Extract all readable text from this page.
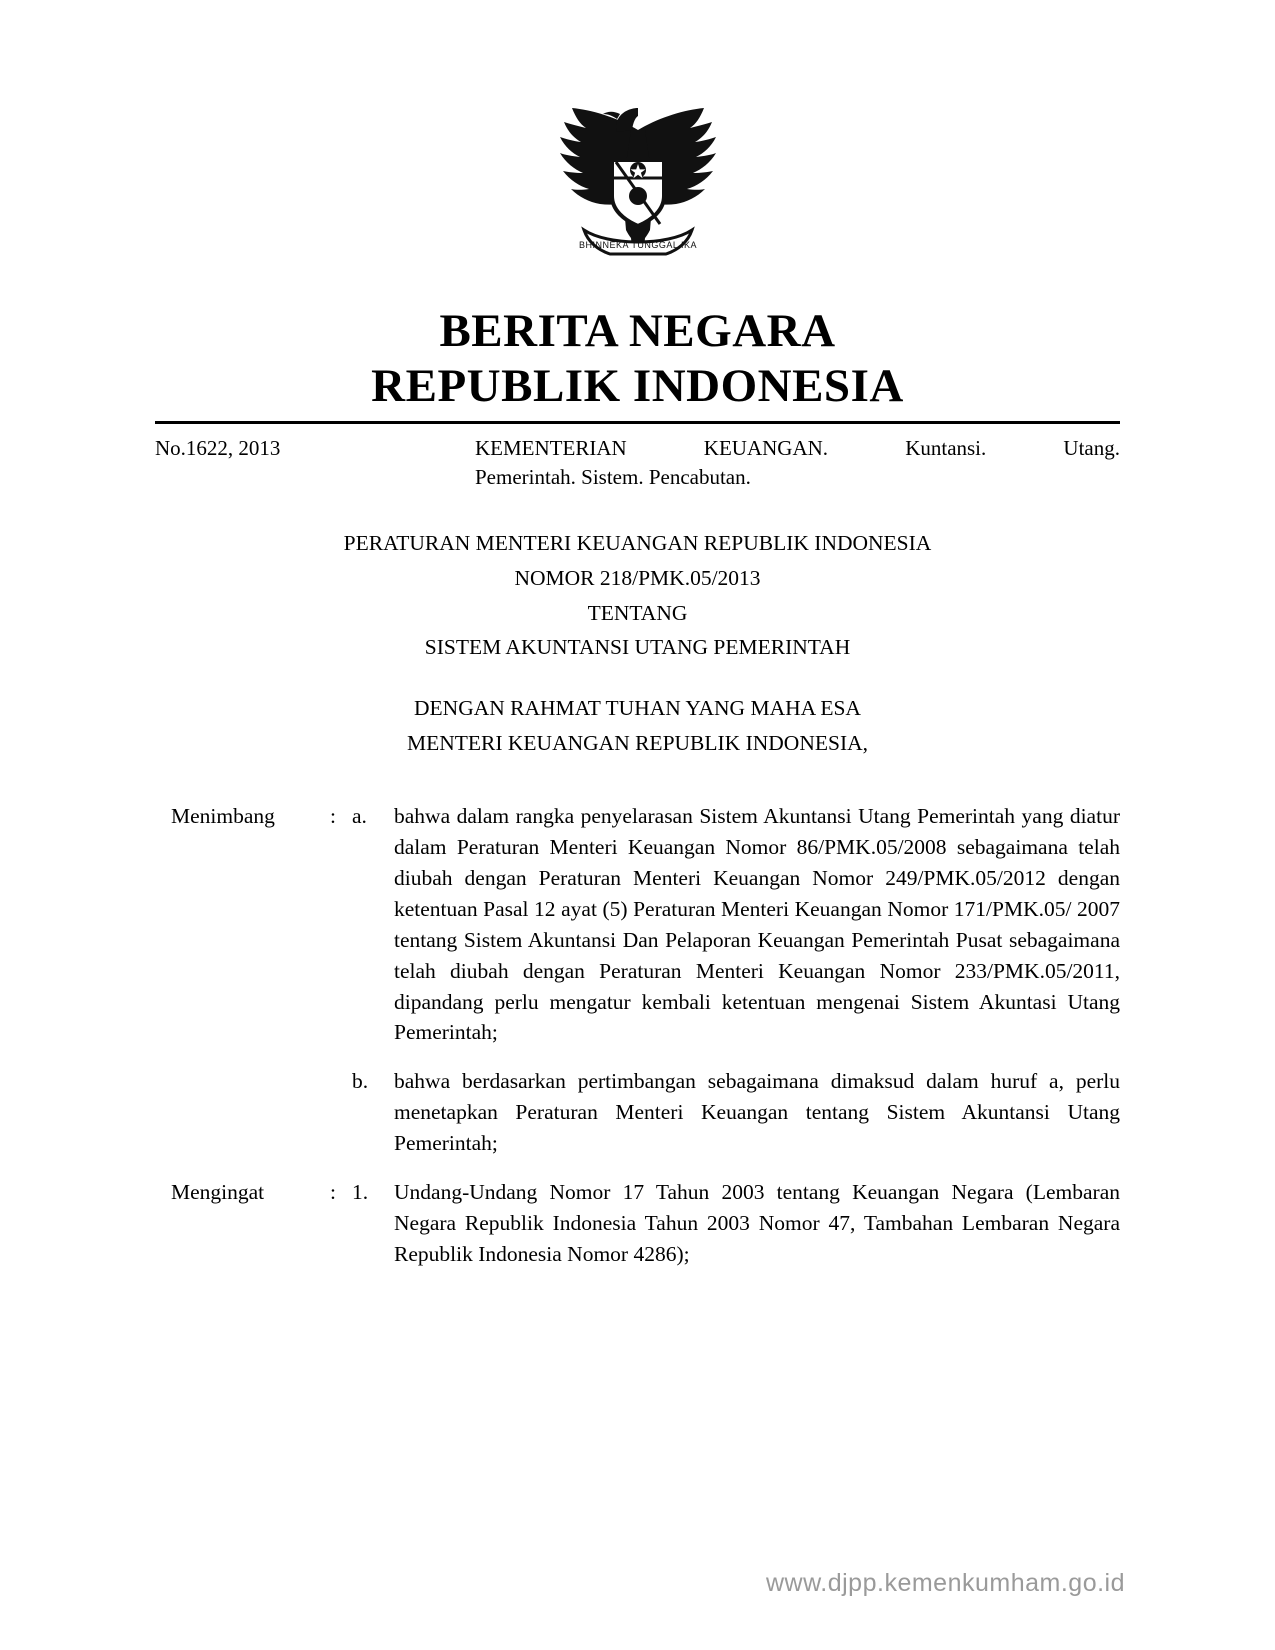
BHINNEKA TUNGGAL IKA
BERITA NEGARA
REPUBLIK INDONESIA
No.1622, 2013	KEMENTERIAN KEUANGAN. Kuntansi. Utang.
Pemerintah. Sistem. Pencabutan.
PERATURAN MENTERI KEUANGAN REPUBLIK INDONESIA
NOMOR 218/PMK.05/2013
TENTANG
SISTEM AKUNTANSI UTANG PEMERINTAH
DENGAN RAHMAT TUHAN YANG MAHA ESA
MENTERI KEUANGAN REPUBLIK INDONESIA,
Menimbang	: a.	bahwa dalam rangka penyelarasan Sistem Akuntansi Utang Pemerintah yang diatur dalam Peraturan Menteri Keuangan Nomor 86/PMK.05/2008 sebagaimana telah diubah dengan Peraturan Menteri Keuangan Nomor 249/PMK.05/2012 dengan ketentuan Pasal 12 ayat (5) Peraturan Menteri Keuangan Nomor 171/PMK.05/ 2007 tentang Sistem Akuntansi Dan Pelaporan Keuangan Pemerintah Pusat sebagaimana telah diubah dengan Peraturan Menteri Keuangan Nomor 233/PMK.05/2011, dipandang perlu mengatur kembali ketentuan mengenai Sistem Akuntasi Utang Pemerintah;
b.	bahwa berdasarkan pertimbangan sebagaimana dimaksud dalam huruf a, perlu menetapkan Peraturan Menteri Keuangan tentang Sistem Akuntansi Utang Pemerintah;
Mengingat	: 1.	Undang-Undang Nomor 17 Tahun 2003 tentang Keuangan Negara (Lembaran Negara Republik Indonesia Tahun 2003 Nomor 47, Tambahan Lembaran Negara Republik Indonesia Nomor 4286);
www.djpp.kemenkumham.go.id
